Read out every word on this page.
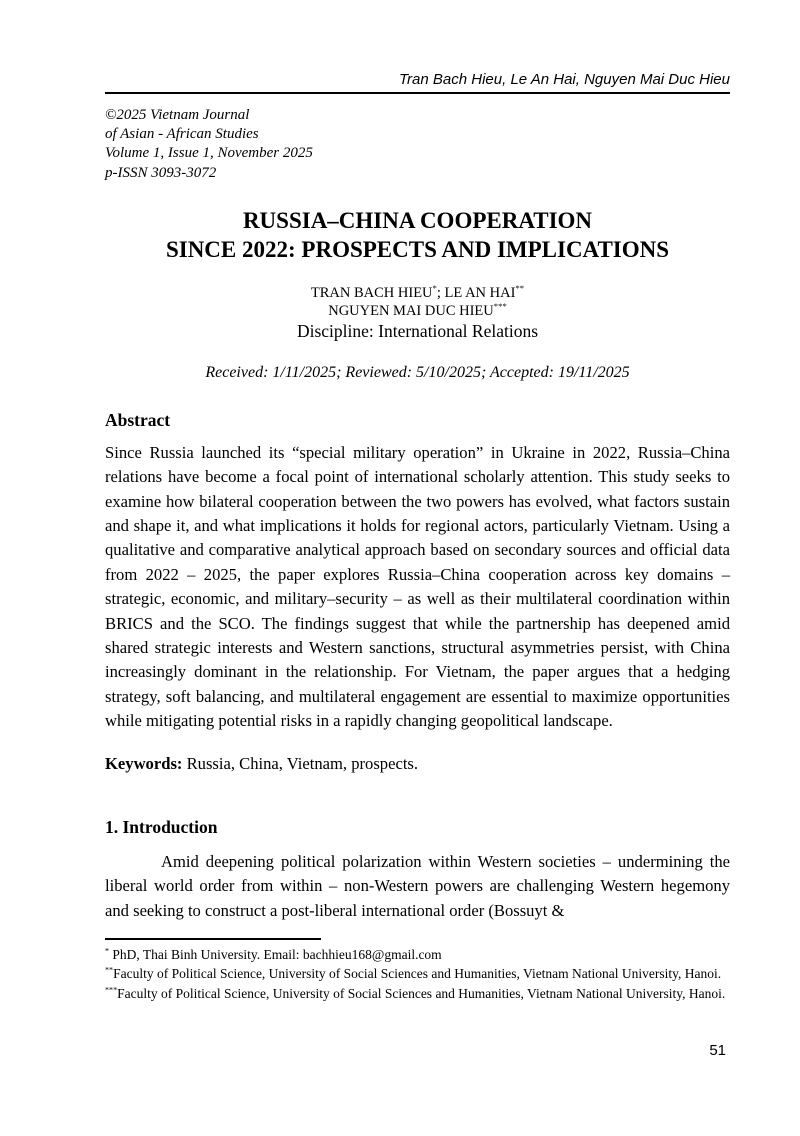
Tran Bach Hieu, Le An Hai, Nguyen Mai Duc Hieu
©2025 Vietnam Journal
of Asian - African Studies
Volume 1, Issue 1, November 2025
p-ISSN 3093-3072
RUSSIA–CHINA COOPERATION
SINCE 2022: PROSPECTS AND IMPLICATIONS
TRAN BACH HIEU*; LE AN HAI**
NGUYEN MAI DUC HIEU***
Discipline: International Relations
Received: 1/11/2025; Reviewed: 5/10/2025; Accepted: 19/11/2025
Abstract

Since Russia launched its “special military operation” in Ukraine in 2022, Russia–China relations have become a focal point of international scholarly attention. This study seeks to examine how bilateral cooperation between the two powers has evolved, what factors sustain and shape it, and what implications it holds for regional actors, particularly Vietnam. Using a qualitative and comparative analytical approach based on secondary sources and official data from 2022 – 2025, the paper explores Russia–China cooperation across key domains – strategic, economic, and military–security – as well as their multilateral coordination within BRICS and the SCO. The findings suggest that while the partnership has deepened amid shared strategic interests and Western sanctions, structural asymmetries persist, with China increasingly dominant in the relationship. For Vietnam, the paper argues that a hedging strategy, soft balancing, and multilateral engagement are essential to maximize opportunities while mitigating potential risks in a rapidly changing geopolitical landscape.

Keywords: Russia, China, Vietnam, prospects.
1. Introduction

Amid deepening political polarization within Western societies – undermining the liberal world order from within – non-Western powers are challenging Western hegemony and seeking to construct a post-liberal international order (Bossuyt &

* PhD, Thai Binh University. Email: bachhieu168@gmail.com
**Faculty of Political Science, University of Social Sciences and Humanities, Vietnam National University, Hanoi.
***Faculty of Political Science, University of Social Sciences and Humanities, Vietnam National University, Hanoi.
51
